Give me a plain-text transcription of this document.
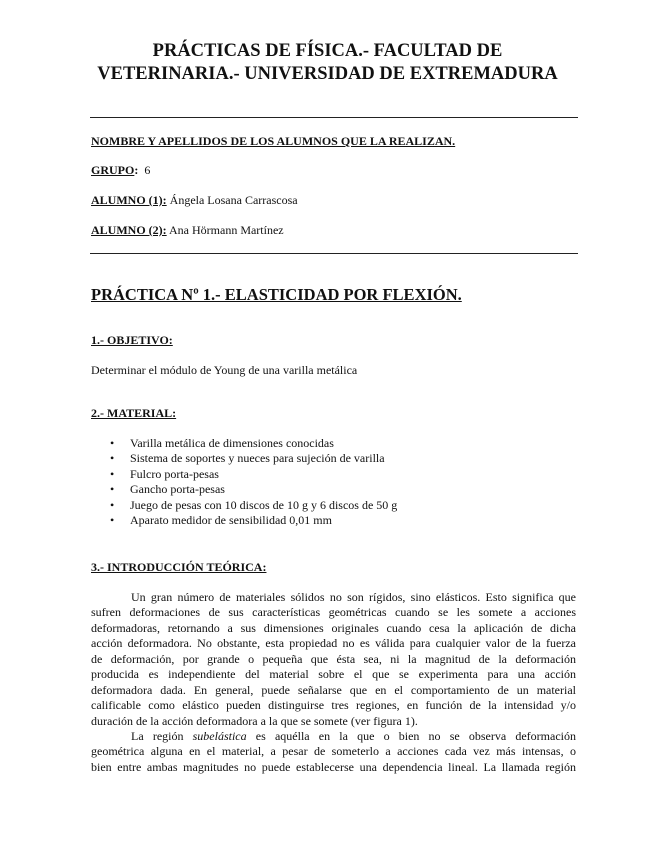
PRÁCTICAS DE FÍSICA.- FACULTAD DE
VETERINARIA.- UNIVERSIDAD DE EXTREMADURA
NOMBRE Y APELLIDOS DE LOS ALUMNOS QUE LA REALIZAN.
GRUPO: 6
ALUMNO (1): Ángela Losana Carrascosa
ALUMNO (2): Ana Hörmann Martínez
PRÁCTICA Nº 1.- ELASTICIDAD POR FLEXIÓN.
1.- OBJETIVO:
Determinar el módulo de Young de una varilla metálica
2.- MATERIAL:
• Varilla metálica de dimensiones conocidas
• Sistema de soportes y nueces para sujeción de varilla
• Fulcro porta-pesas
• Gancho porta-pesas
• Juego de pesas con 10 discos de 10 g y 6 discos de 50 g
• Aparato medidor de sensibilidad 0,01 mm
3.- INTRODUCCIÓN TEÓRICA:
Un gran número de materiales sólidos no son rígidos, sino elásticos. Esto significa que
sufren deformaciones de sus características geométricas cuando se les somete a acciones
deformadoras, retornando a sus dimensiones originales cuando cesa la aplicación de dicha
acción deformadora. No obstante, esta propiedad no es válida para cualquier valor de la fuerza
de deformación, por grande o pequeña que ésta sea, ni la magnitud de la deformación
producida es independiente del material sobre el que se experimenta para una acción
deformadora dada. En general, puede señalarse que en el comportamiento de un material
calificable como elástico pueden distinguirse tres regiones, en función de la intensidad y/o
duración de la acción deformadora a la que se somete (ver figura 1).
La región subelástica es aquélla en la que o bien no se observa deformación
geométrica alguna en el material, a pesar de someterlo a acciones cada vez más intensas, o
bien entre ambas magnitudes no puede establecerse una dependencia lineal. La llamada región
